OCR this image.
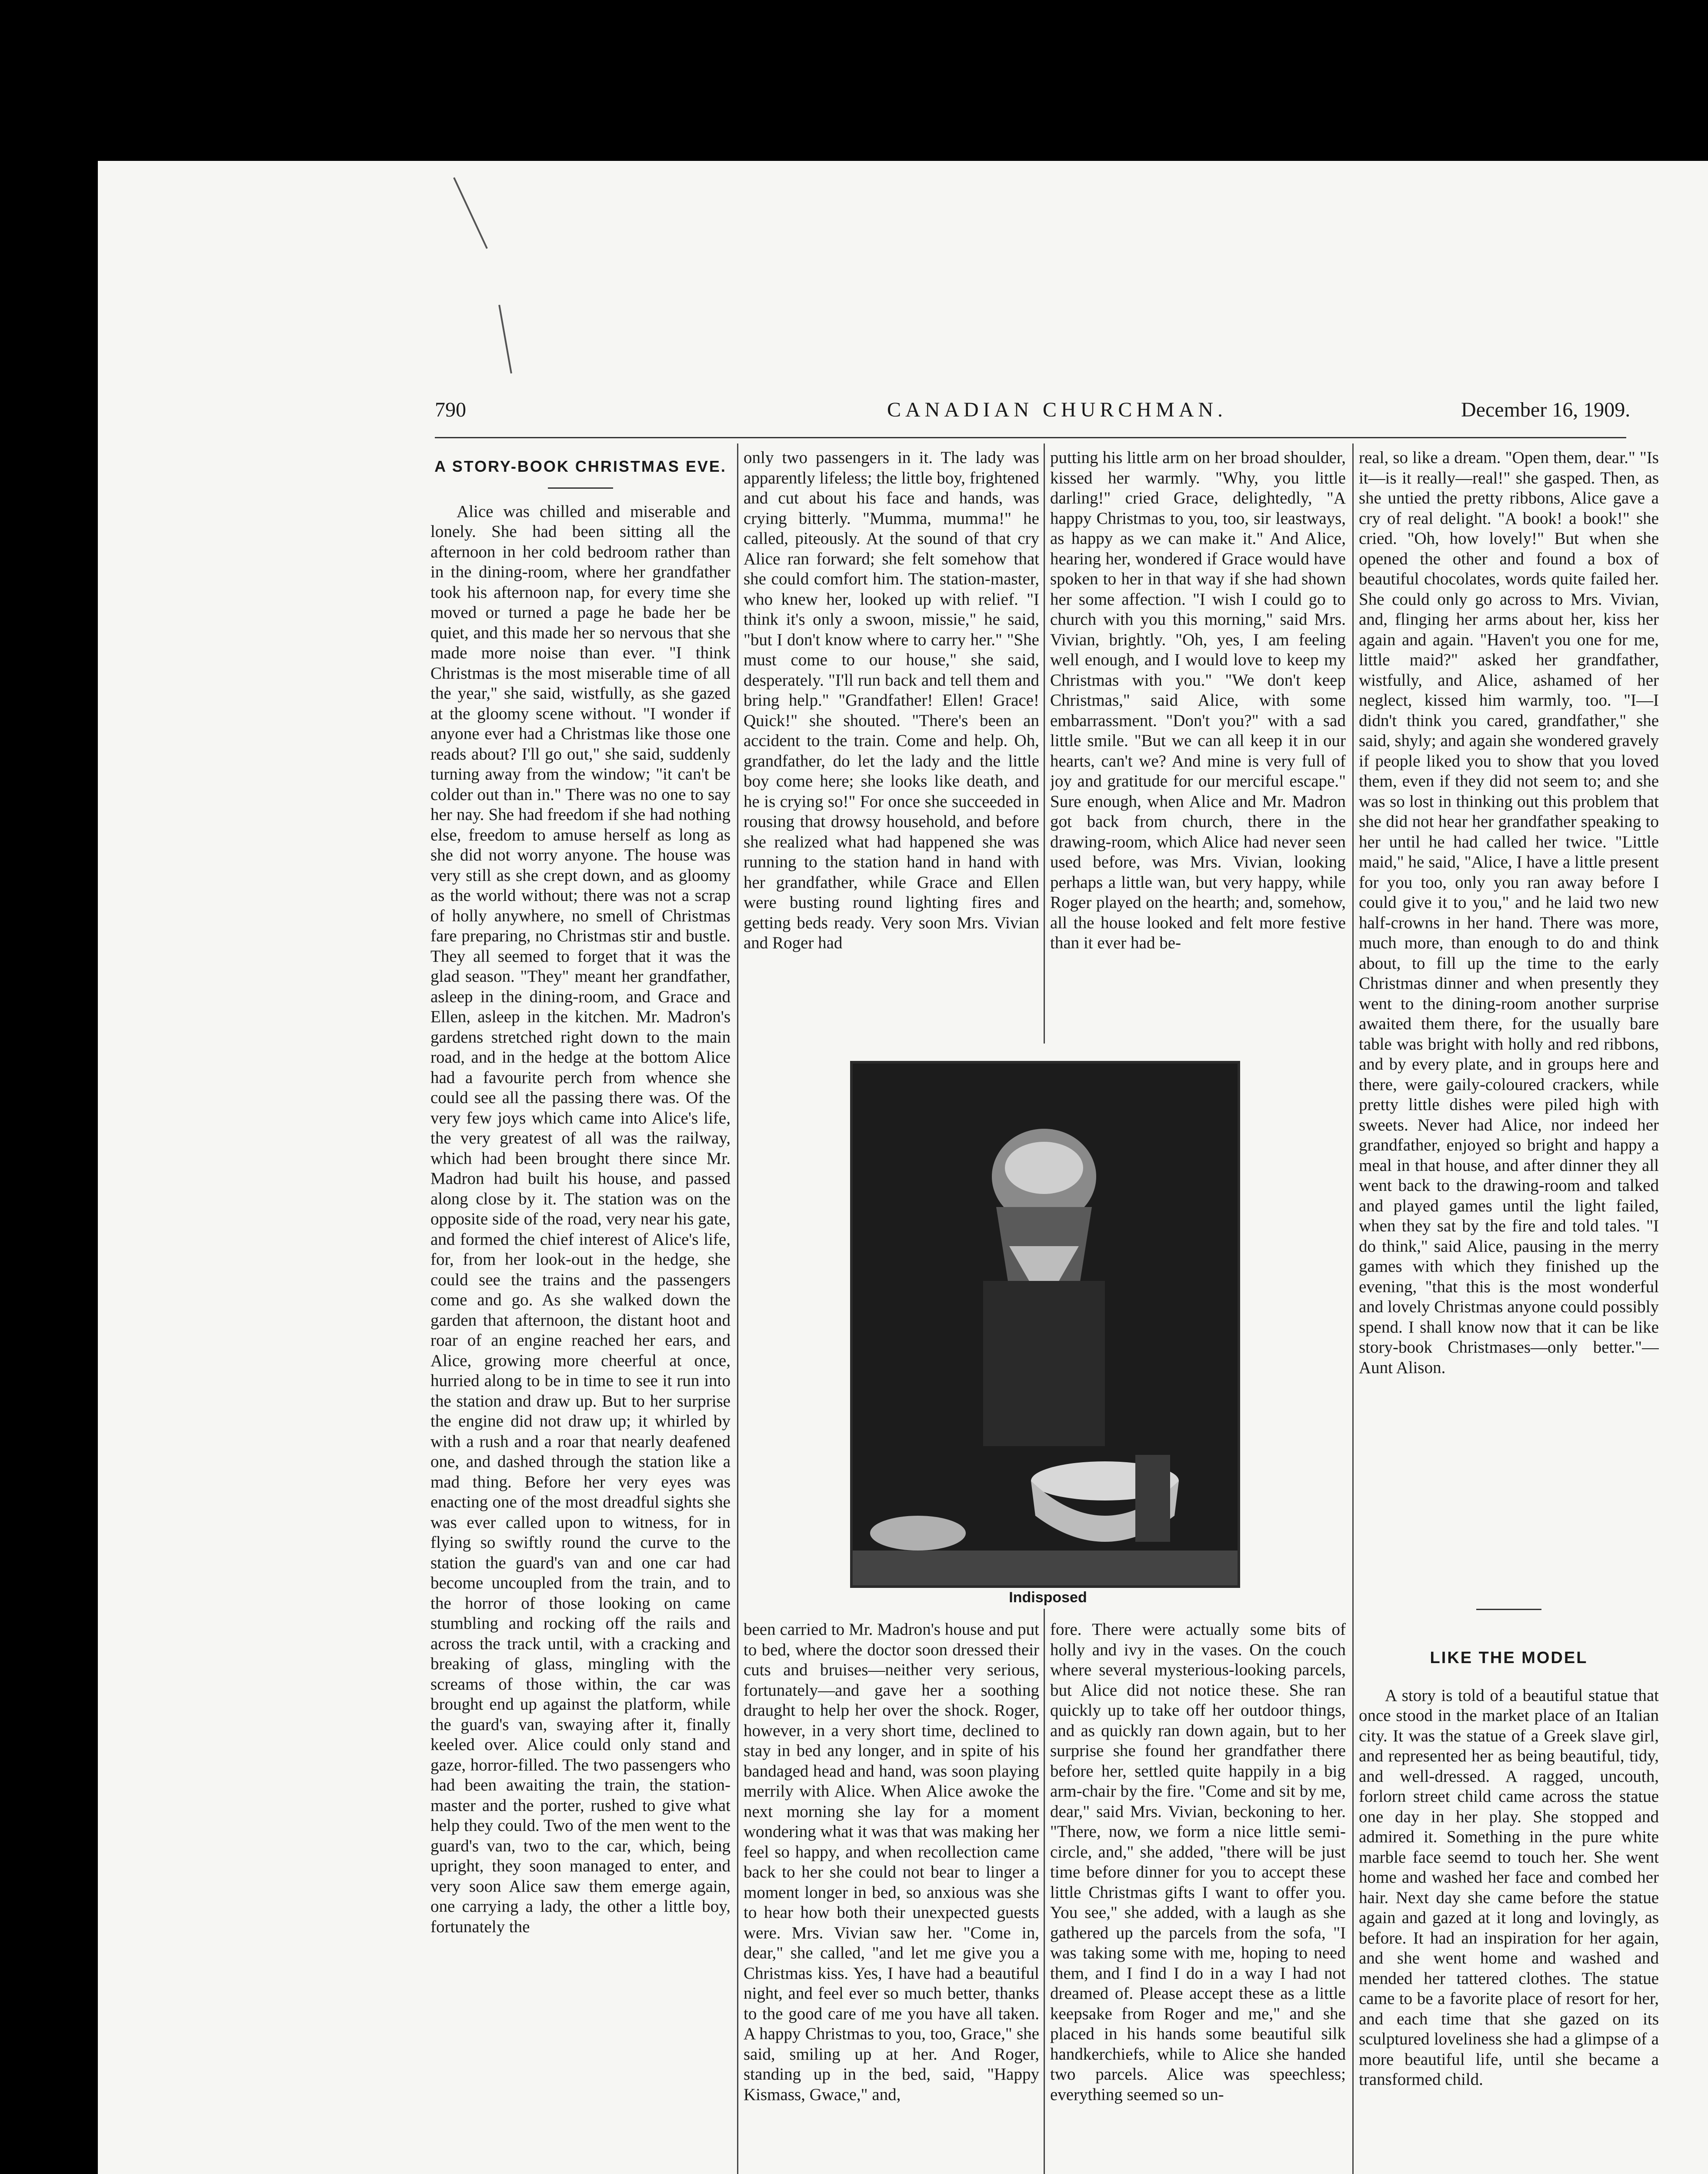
790	CANADIAN CHURCHMAN.	December 16, 1909.
A STORY-BOOK CHRISTMAS EVE.

Alice was chilled and miserable and lonely. She had been sitting all the afternoon in her cold bedroom rather than in the dining-room, where her grandfather took his afternoon nap, for every time she moved or turned a page he bade her be quiet, and this made her so nervous that she made more noise than ever. "I think Christmas is the most miserable time of all the year," she said, wistfully, as she gazed at the gloomy scene without. "I wonder if anyone ever had a Christmas like those one reads about? I'll go out," she said, suddenly turning away from the window; "it can't be colder out than in." There was no one to say her nay. She had freedom if she had nothing else, freedom to amuse herself as long as she did not worry anyone. The house was very still as she crept down, and as gloomy as the world without; there was not a scrap of holly anywhere, no smell of Christmas fare preparing, no Christmas stir and bustle. They all seemed to forget that it was the glad season. "They" meant her grandfather, asleep in the dining-room, and Grace and Ellen, asleep in the kitchen. Mr. Madron's gardens stretched right down to the main road, and in the hedge at the bottom Alice had a favourite perch from whence she could see all the passing there was. Of the very few joys which came into Alice's life, the very greatest of all was the railway, which had been brought there since Mr. Madron had built his house, and passed along close by it. The station was on the opposite side of the road, very near his gate, and formed the chief interest of Alice's life, for, from her look-out in the hedge, she could see the trains and the passengers come and go. As she walked down the garden that afternoon, the distant hoot and roar of an engine reached her ears, and Alice, growing more cheerful at once, hurried along to be in time to see it run into the station and draw up. But to her surprise the engine did not draw up; it whirled by with a rush and a roar that nearly deafened one, and dashed through the station like a mad thing. Before her very eyes was enacting one of the most dreadful sights she was ever called upon to witness, for in flying so swiftly round the curve to the station the guard's van and one car had become uncoupled from the train, and to the horror of those looking on came stumbling and rocking off the rails and across the track until, with a cracking and breaking of glass, mingling with the screams of those within, the car was brought end up against the platform, while the guard's van, swaying after it, finally keeled over. Alice could only stand and gaze, horror-filled. The two passengers who had been awaiting the train, the station-master and the porter, rushed to give what help they could. Two of the men went to the guard's van, two to the car, which, being upright, they soon managed to enter, and very soon Alice saw them emerge again, one carrying a lady, the other a little boy, fortunately the

only two passengers in it. The lady was apparently lifeless; the little boy, frightened and cut about his face and hands, was crying bitterly. "Mumma, mumma!" he called, piteously. At the sound of that cry Alice ran forward; she felt somehow that she could comfort him. The station-master, who knew her, looked up with relief. "I think it's only a swoon, missie," he said, "but I don't know where to carry her." "She must come to our house," she said, desperately. "I'll run back and tell them and bring help." "Grandfather! Ellen! Grace! Quick!" she shouted. "There's been an accident to the train. Come and help. Oh, grandfather, do let the lady and the little boy come here; she looks like death, and he is crying so!" For once she succeeded in rousing that drowsy household, and before she realized what had happened she was running to the station hand in hand with her grandfather, while Grace and Ellen were busting round lighting fires and getting beds ready. Very soon Mrs. Vivian and Roger had

putting his little arm on her broad shoulder, kissed her warmly. "Why, you little darling!" cried Grace, delightedly, "A happy Christmas to you, too, sir leastways, as happy as we can make it." And Alice, hearing her, wondered if Grace would have spoken to her in that way if she had shown her some affection. "I wish I could go to church with you this morning," said Mrs. Vivian, brightly. "Oh, yes, I am feeling well enough, and I would love to keep my Christmas with you." "We don't keep Christmas," said Alice, with some embarrassment. "Don't you?" with a sad little smile. "But we can all keep it in our hearts, can't we? And mine is very full of joy and gratitude for our merciful escape." Sure enough, when Alice and Mr. Madron got back from church, there in the drawing-room, which Alice had never seen used before, was Mrs. Vivian, looking perhaps a little wan, but very happy, while Roger played on the hearth; and, somehow, all the house looked and felt more festive than it ever had be-

Indisposed

been carried to Mr. Madron's house and put to bed, where the doctor soon dressed their cuts and bruises—neither very serious, fortunately—and gave her a soothing draught to help her over the shock. Roger, however, in a very short time, declined to stay in bed any longer, and in spite of his bandaged head and hand, was soon playing merrily with Alice. When Alice awoke the next morning she lay for a moment wondering what it was that was making her feel so happy, and when recollection came back to her she could not bear to linger a moment longer in bed, so anxious was she to hear how both their unexpected guests were. Mrs. Vivian saw her. "Come in, dear," she called, "and let me give you a Christmas kiss. Yes, I have had a beautiful night, and feel ever so much better, thanks to the good care of me you have all taken. A happy Christmas to you, too, Grace," she said, smiling up at her. And Roger, standing up in the bed, said, "Happy Kismass, Gwace," and,

fore. There were actually some bits of holly and ivy in the vases. On the couch where several mysterious-looking parcels, but Alice did not notice these. She ran quickly up to take off her outdoor things, and as quickly ran down again, but to her surprise she found her grandfather there before her, settled quite happily in a big arm-chair by the fire. "Come and sit by me, dear," said Mrs. Vivian, beckoning to her. "There, now, we form a nice little semi-circle, and," she added, "there will be just time before dinner for you to accept these little Christmas gifts I want to offer you. You see," she added, with a laugh as she gathered up the parcels from the sofa, "I was taking some with me, hoping to need them, and I find I do in a way I had not dreamed of. Please accept these as a little keepsake from Roger and me," and she placed in his hands some beautiful silk handkerchiefs, while to Alice she handed two parcels. Alice was speechless; everything seemed so un-

real, so like a dream. "Open them, dear." "Is it—is it really—real!" she gasped. Then, as she untied the pretty ribbons, Alice gave a cry of real delight. "A book! a book!" she cried. "Oh, how lovely!" But when she opened the other and found a box of beautiful chocolates, words quite failed her. She could only go across to Mrs. Vivian, and, flinging her arms about her, kiss her again and again. "Haven't you one for me, little maid?" asked her grandfather, wistfully, and Alice, ashamed of her neglect, kissed him warmly, too. "I—I didn't think you cared, grandfather," she said, shyly; and again she wondered gravely if people liked you to show that you loved them, even if they did not seem to; and she was so lost in thinking out this problem that she did not hear her grandfather speaking to her until he had called her twice. "Little maid," he said, "Alice, I have a little present for you too, only you ran away before I could give it to you," and he laid two new half-crowns in her hand. There was more, much more, than enough to do and think about, to fill up the time to the early Christmas dinner and when presently they went to the dining-room another surprise awaited them there, for the usually bare table was bright with holly and red ribbons, and by every plate, and in groups here and there, were gaily-coloured crackers, while pretty little dishes were piled high with sweets. Never had Alice, nor indeed her grandfather, enjoyed so bright and happy a meal in that house, and after dinner they all went back to the drawing-room and talked and played games until the light failed, when they sat by the fire and told tales. "I do think," said Alice, pausing in the merry games with which they finished up the evening, "that this is the most wonderful and lovely Christmas anyone could possibly spend. I shall know now that it can be like story-book Christmases—only better."—Aunt Alison.

LIKE THE MODEL

A story is told of a beautiful statue that once stood in the market place of an Italian city. It was the statue of a Greek slave girl, and represented her as being beautiful, tidy, and well-dressed. A ragged, uncouth, forlorn street child came across the statue one day in her play. She stopped and admired it. Something in the pure white marble face seemd to touch her. She went home and washed her face and combed her hair. Next day she came before the statue again and gazed at it long and lovingly, as before. It had an inspiration for her again, and she went home and washed and mended her tattered clothes. The statue came to be a favorite place of resort for her, and each time that she gazed on its sculptured loveliness she had a glimpse of a more beautiful life, until she became a transformed child.
